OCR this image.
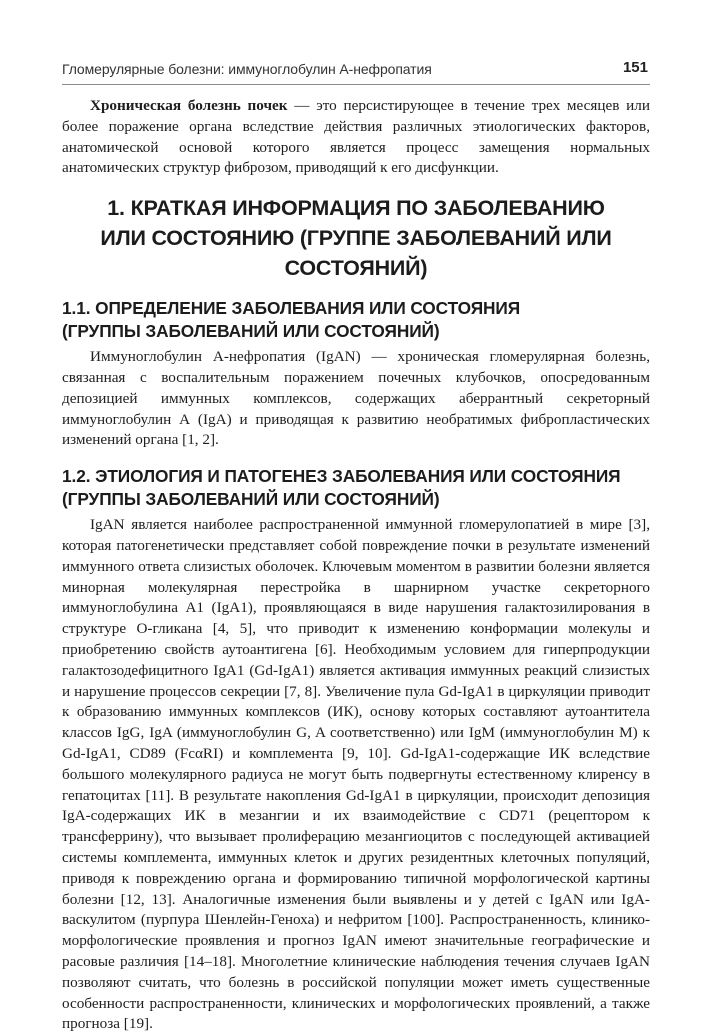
Гломерулярные болезни: иммуноглобулин А-нефропатия	151

Хроническая болезнь почек — это персистирующее в течение трех месяцев или более поражение органа вследствие действия различных этиологических факторов, анатомической основой которого является процесс замещения нормальных анатомических структур фиброзом, приводящий к его дисфункции.

1. КРАТКАЯ ИНФОРМАЦИЯ ПО ЗАБОЛЕВАНИЮ
ИЛИ СОСТОЯНИЮ (ГРУППЕ ЗАБОЛЕВАНИЙ ИЛИ СОСТОЯНИЙ)
1.1. ОПРЕДЕЛЕНИЕ ЗАБОЛЕВАНИЯ ИЛИ СОСТОЯНИЯ
(ГРУППЫ ЗАБОЛЕВАНИЙ ИЛИ СОСТОЯНИЙ)

Иммуноглобулин А-нефропатия (IgAN) — хроническая гломерулярная болезнь, связанная с воспалительным поражением почечных клубочков, опосредованным депозицией иммунных комплексов, содержащих аберрантный секреторный иммуноглобулин А (IgA) и приводящая к развитию необратимых фибропластических изменений органа [1, 2].

1.2. ЭТИОЛОГИЯ И ПАТОГЕНЕЗ ЗАБОЛЕВАНИЯ ИЛИ СОСТОЯНИЯ
(ГРУППЫ ЗАБОЛЕВАНИЙ ИЛИ СОСТОЯНИЙ)

IgAN является наиболее распространенной иммунной гломерулопатией в мире [3], которая патогенетически представляет собой повреждение почки в результате изменений иммунного ответа слизистых оболочек. Ключевым моментом в развитии болезни является минорная молекулярная перестройка в шарнирном участке секреторного иммуноглобулина А1 (IgA1), проявляющаяся в виде нарушения галактозилирования в структуре О-гликана [4, 5], что приводит к изменению конформации молекулы и приобретению свойств аутоантигена [6]. Необходимым условием для гиперпродукции галактозодефицитного IgA1 (Gd-IgA1) является активация иммунных реакций слизистых и нарушение процессов секреции [7, 8]. Увеличение пула Gd-IgA1 в циркуляции приводит к образованию иммунных комплексов (ИК), основу которых составляют аутоантитела классов IgG, IgA (иммуноглобулин G, A соответственно) или IgM (иммуноглобулин М) к Gd-IgA1, CD89 (FcαRI) и комплемента [9, 10]. Gd-IgA1-содержащие ИК вследствие большого молекулярного радиуса не могут быть подвергнуты естественному клиренсу в гепатоцитах [11]. В результате накопления Gd-IgA1 в циркуляции, происходит депозиция IgA-содержащих ИК в мезангии и их взаимодействие с CD71 (рецептором к трансферрину), что вызывает пролиферацию мезангиоцитов с последующей активацией системы комплемента, иммунных клеток и других резидентных клеточных популяций, приводя к повреждению органа и формированию типичной морфологической картины болезни [12, 13]. Аналогичные изменения были выявлены и у детей с IgAN или IgA-васкулитом (пурпура Шенлейн-Геноха) и нефритом [100]. Распространенность, клинико-морфологические проявления и прогноз IgAN имеют значительные географические и расовые различия [14–18]. Многолетние клинические наблюдения течения случаев IgAN позволяют считать, что болезнь в российской популяции может иметь существенные особенности распространенности, клинических и морфологических проявлений, а также прогноза [19].
